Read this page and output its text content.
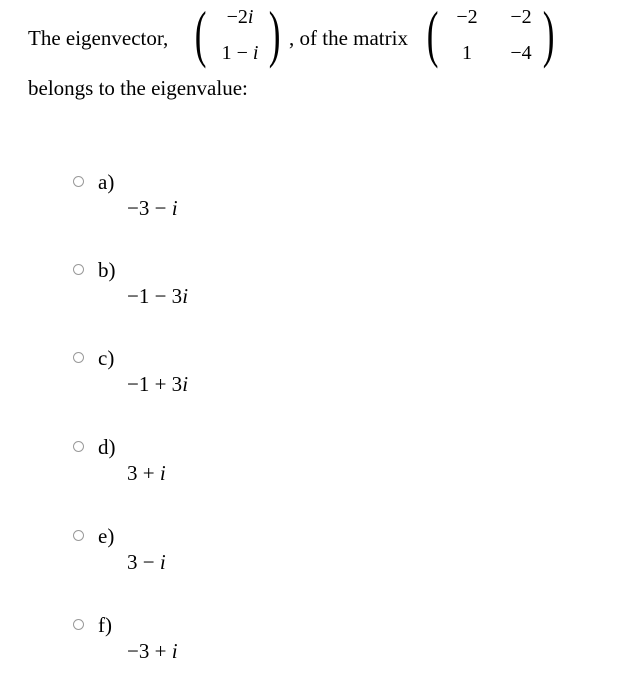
The eigenvector, (	−2i
1 − i ) , of the matrix ( −2	−2
1	−4 )
belongs to the eigenvalue:
a)
−3 − i
b)
−1 − 3i
c)
−1 + 3i
d)
3 + i
e)
3 − i
f)
−3 + i
